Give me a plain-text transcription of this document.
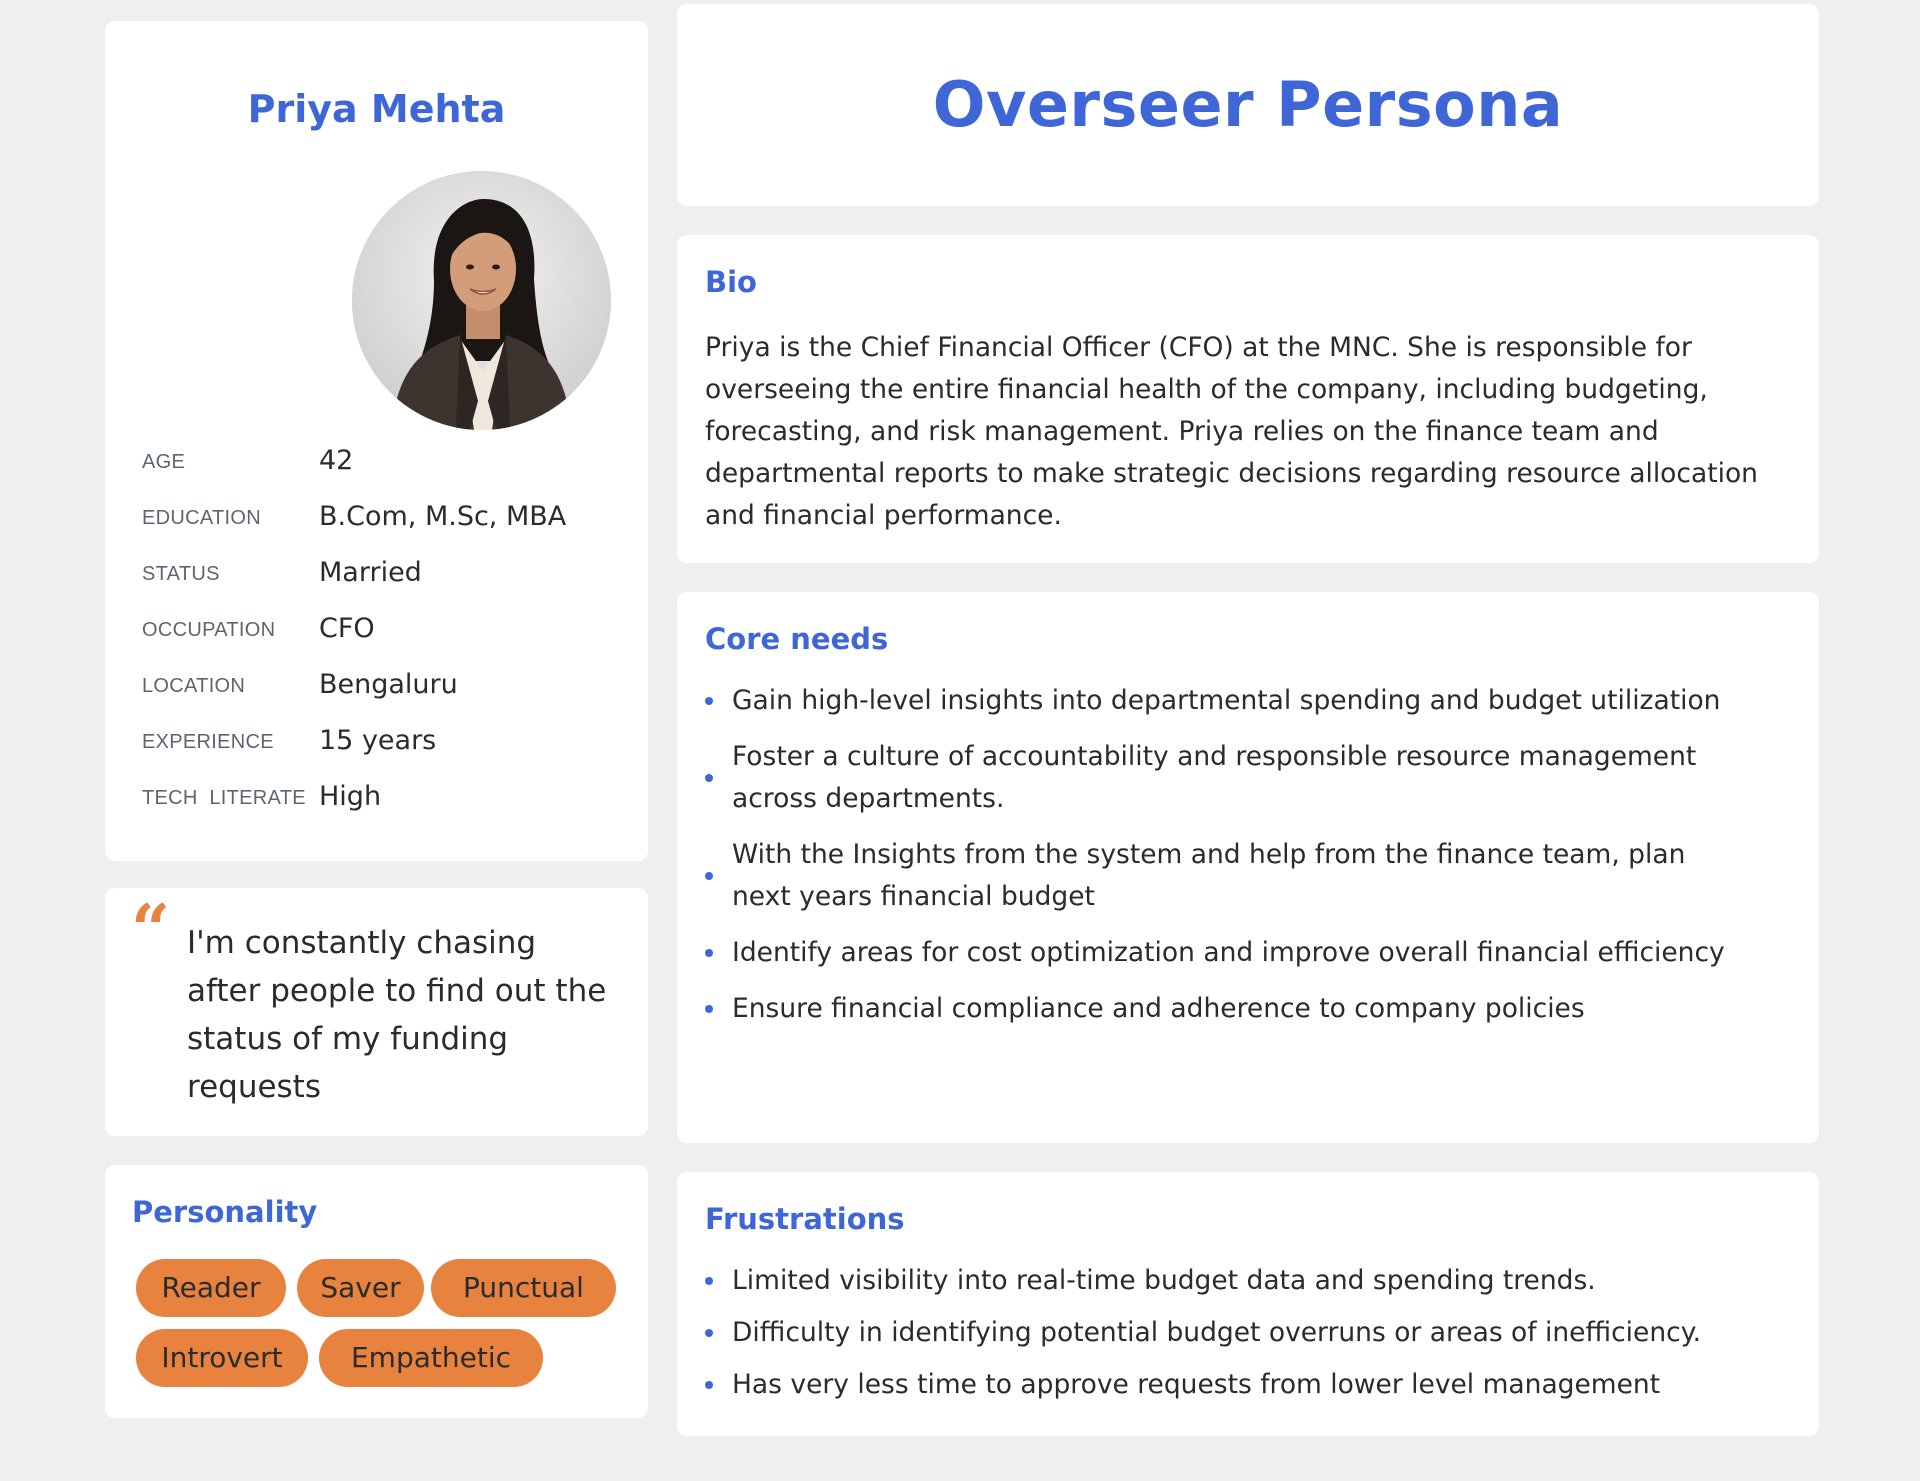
Priya Mehta
AGE	42
EDUCATION	B.Com, M.Sc, MBA
STATUS	Married
OCCUPATION	CFO
LOCATION	Bengaluru
EXPERIENCE	15 years
TECH  LITERATE High
“ I'm constantly chasing after people to find out the status of my funding requests
Personality
Reader	Saver	Punctual
Introvert	Empathetic
Overseer Persona
Bio
Priya is the Chief Financial Officer (CFO) at the MNC. She is responsible for overseeing the entire financial health of the company, including budgeting, forecasting, and risk management. Priya relies on the finance team and departmental reports to make strategic decisions regarding resource allocation and financial performance.
Core needs
Gain high-level insights into departmental spending and budget utilization
Foster a culture of accountability and responsible resource management across departments.
With the Insights from the system and help from the finance team, plan next years financial budget
Identify areas for cost optimization and improve overall financial efficiency
Ensure financial compliance and adherence to company policies
Frustrations
Limited visibility into real-time budget data and spending trends.
Difficulty in identifying potential budget overruns or areas of inefficiency.
Has very less time to approve requests from lower level management
